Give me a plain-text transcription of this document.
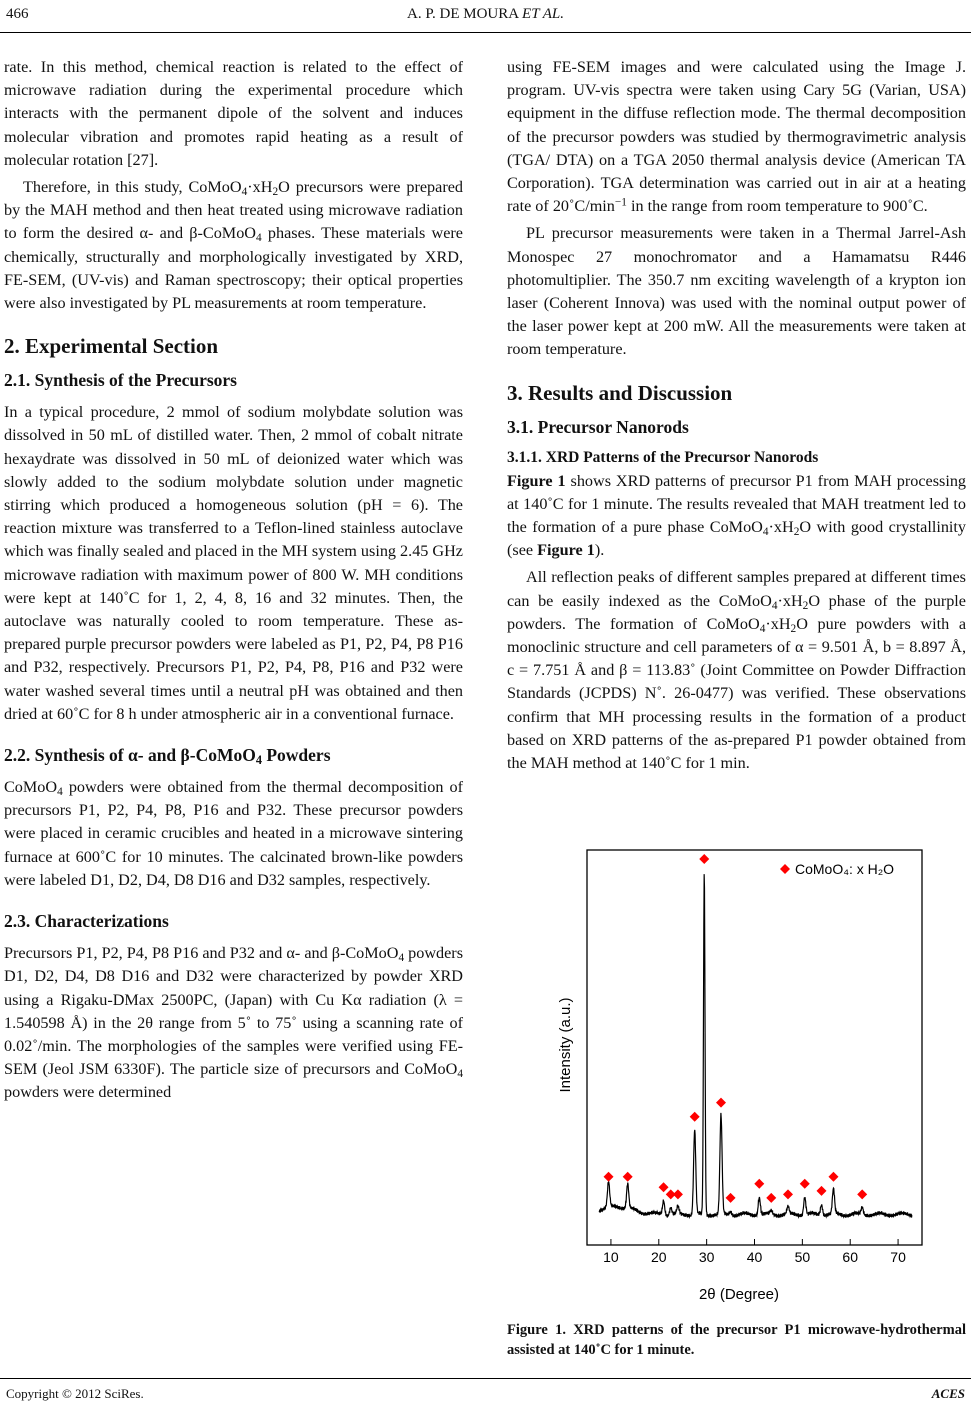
466	A. P. DE MOURA ET AL.

rate. In this method, chemical reaction is related to the effect of microwave radiation during the experimental procedure which interacts with the permanent dipole of the solvent and induces molecular vibration and promotes rapid heating as a result of molecular rotation [27].

Therefore, in this study, $CoMoO_4\cdot xH_2O$ precursors were prepared by the MAH method and then heat treated using microwave radiation to form the desired α- and β-CoMoO$_4$ phases. These materials were chemically, structurally and morphologically investigated by XRD, FE-SEM, (UV-vis) and Raman spectroscopy; their optical properties were also investigated by PL measurements at room temperature.

2. Experimental Section
2.1. Synthesis of the Precursors

In a typical procedure, 2 mmol of sodium molybdate solution was dissolved in 50 mL of distilled water. Then, 2 mmol of cobalt nitrate hexaydrate was dissolved in 50 mL of deionized water which was slowly added to the sodium molybdate solution under magnetic stirring which produced a homogeneous solution (pH = 6). The reaction mixture was transferred to a Teflon-lined stainless autoclave which was finally sealed and placed in the MH system using 2.45 GHz microwave radiation with maximum power of 800 W. MH conditions were kept at 140˚C for 1, 2, 4, 8, 16 and 32 minutes. Then, the autoclave was naturally cooled to room temperature. These as-prepared purple precursor powders were labeled as P1, P2, P4, P8 P16 and P32, respectively. Precursors P1, P2, P4, P8, P16 and P32 were water washed several times until a neutral pH was obtained and then dried at 60˚C for 8 h under atmospheric air in a conventional furnace.

2.2. Synthesis of α- and β-CoMoO$_4$ Powders

CoMoO$_4$ powders were obtained from the thermal decomposition of precursors P1, P2, P4, P8, P16 and P32. These precursor powders were placed in ceramic crucibles and heated in a microwave sintering furnace at 600˚C for 10 minutes. The calcinated brown-like powders were labeled D1, D2, D4, D8 D16 and D32 samples, respectively.

2.3. Characterizations

Precursors P1, P2, P4, P8 P16 and P32 and α- and β-CoMoO$_4$ powders D1, D2, D4, D8 D16 and D32 were characterized by powder XRD using a Rigaku-DMax 2500PC, (Japan) with Cu Kα radiation (λ = 1.540598 Å) in the 2θ range from 5˚ to 75˚ using a scanning rate of 0.02˚/min. The morphologies of the samples were verified using FE-SEM (Jeol JSM 6330F). The particle size of precursors and CoMoO$_4$ powders were determined

using FE-SEM images and were calculated using the Image J. program. UV-vis spectra were taken using Cary 5G (Varian, USA) equipment in the diffuse reflection mode. The thermal decomposition of the precursor powders was studied by thermogravimetric analysis (TGA/ DTA) on a TGA 2050 thermal analysis device (American TA Corporation). TGA determination was carried out in air at a heating rate of $20˚C/\min^{-1}$ in the range from room temperature to 900˚C.

PL precursor measurements were taken in a Thermal Jarrel-Ash Monospec 27 monochromator and a Hamamatsu R446 photomultiplier. The 350.7 nm exciting wavelength of a krypton ion laser (Coherent Innova) was used with the nominal output power of the laser power kept at 200 mW. All the measurements were taken at room temperature.

3. Results and Discussion
3.1. Precursor Nanorods
3.1.1. XRD Patterns of the Precursor Nanorods

Figure 1 shows XRD patterns of precursor P1 from MAH processing at 140˚C for 1 minute. The results revealed that MAH treatment led to the formation of a pure phase $CoMoO_4\cdot xH_2O$ with good crystallinity (see Figure 1).

All reflection peaks of different samples prepared at different times can be easily indexed as the $CoMoO_4\cdot xH_2O$ phase of the purple powders. The formation of $CoMoO_4\cdot xH_2O$ pure powders with a monoclinic structure and cell parameters of α = 9.501 Å, b = 8.897 Å, c = 7.751 Å and β = 113.83˚ (Joint Committee on Powder Diffraction Standards (JCPDS) N˚. 26-0477) was verified. These observations confirm that MH processing results in the formation of a product based on XRD patterns of the as-prepared P1 powder obtained from the MAH method at 140˚C for 1 min.

10 20 30 40 50 60 70
CoMoO₄: x H₂O
Intensity (a.u.)
2θ (Degree)

Figure 1. XRD patterns of the precursor P1 microwave-hydrothermal assisted at 140˚C for 1 minute.

Copyright © 2012 SciRes.	ACES
